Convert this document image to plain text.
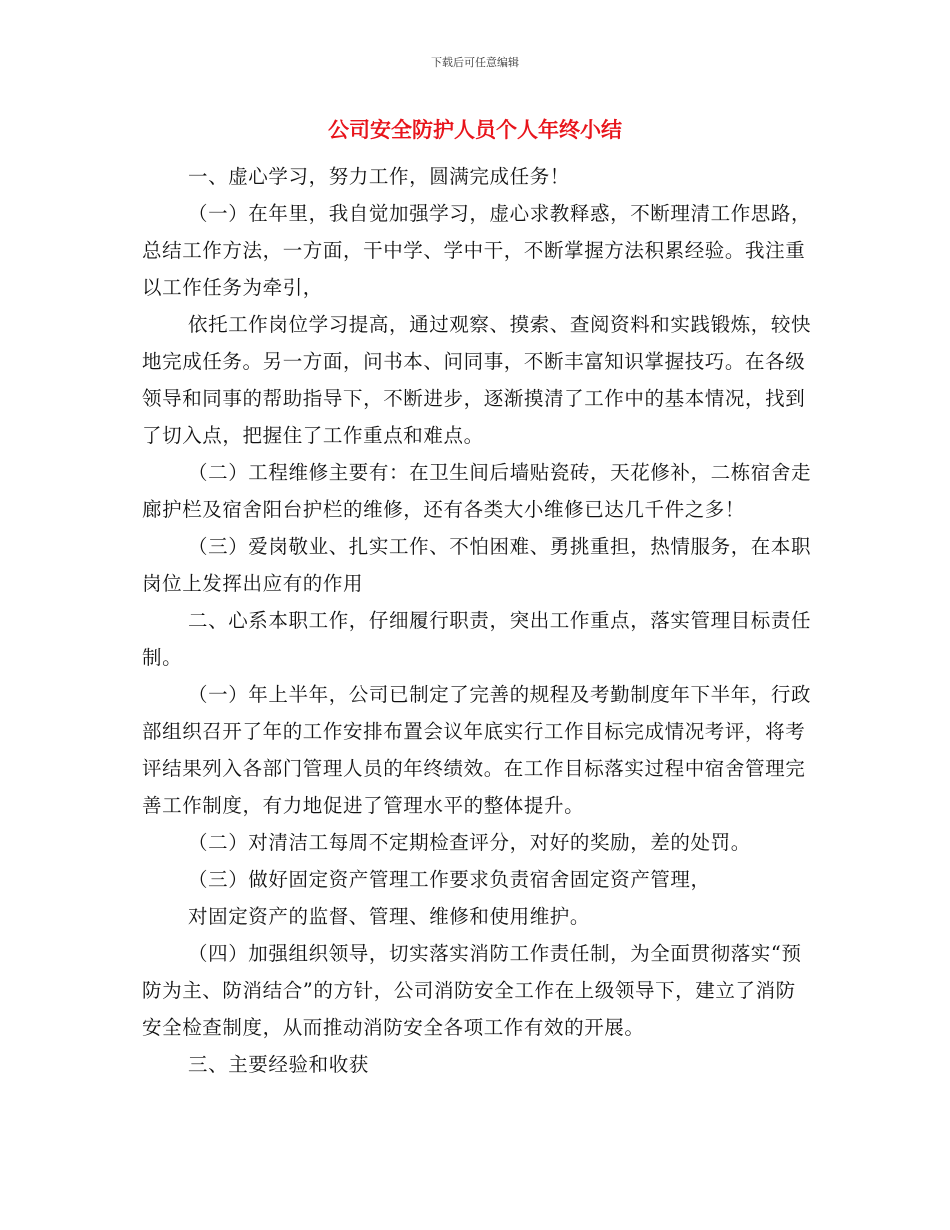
下载后可任意编辑
公司安全防护人员个人年终小结

一、虚心学习，努力工作，圆满完成任务！

（一）在年里，我自觉加强学习，虚心求教释惑，不断理清工作思路，总结工作方法，一方面，干中学、学中干，不断掌握方法积累经验。我注重以工作任务为牵引，

依托工作岗位学习提高，通过观察、摸索、查阅资料和实践锻炼，较快地完成任务。另一方面，问书本、问同事，不断丰富知识掌握技巧。在各级领导和同事的帮助指导下，不断进步，逐渐摸清了工作中的基本情况，找到了切入点，把握住了工作重点和难点。

（二）工程维修主要有：在卫生间后墙贴瓷砖，天花修补，二栋宿舍走廊护栏及宿舍阳台护栏的维修，还有各类大小维修已达几千件之多！

（三）爱岗敬业、扎实工作、不怕困难、勇挑重担，热情服务，在本职岗位上发挥出应有的作用

二、心系本职工作，仔细履行职责，突出工作重点，落实管理目标责任制。

（一）年上半年，公司已制定了完善的规程及考勤制度年下半年，行政部组织召开了年的工作安排布置会议年底实行工作目标完成情况考评，将考评结果列入各部门管理人员的年终绩效。在工作目标落实过程中宿舍管理完善工作制度，有力地促进了管理水平的整体提升。

（二）对清洁工每周不定期检查评分，对好的奖励，差的处罚。

（三）做好固定资产管理工作要求负责宿舍固定资产管理，

对固定资产的监督、管理、维修和使用维护。

（四）加强组织领导，切实落实消防工作责任制，为全面贯彻落实“预防为主、防消结合”的方针，公司消防安全工作在上级领导下，建立了消防安全检查制度，从而推动消防安全各项工作有效的开展。

三、主要经验和收获
